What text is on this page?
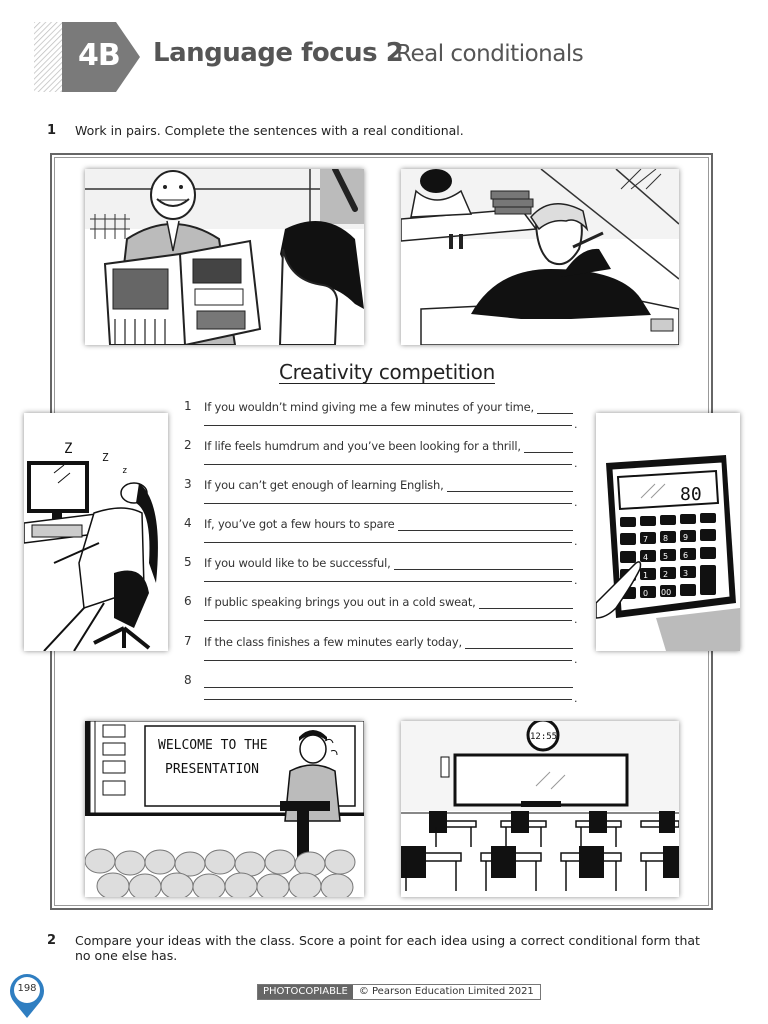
4B Language focus 2
Real conditionals
1 Work in pairs. Complete the sentences with a real conditional.
Z
Z
z
80
7 8 9
4 5 6
1 2 3
0 00
WELCOME TO THE
PRESENTATION
12:55
Creativity competition
1 If you wouldn’t mind giving me a few minutes of your time,
.
2 If life feels humdrum and you’ve been looking for a thrill,
.
3 If you can’t get enough of learning English,
.
4 If, you’ve got a few hours to spare
.
5 If you would like to be successful,
.
6 If public speaking brings you out in a cold sweat,
.
7 If the class finishes a few minutes early today,
.
8
.
2 Compare your ideas with the class. Score a point for each idea using a correct conditional form that no one else has.
198	PHOTOCOPIABLE	© Pearson Education Limited 2021
